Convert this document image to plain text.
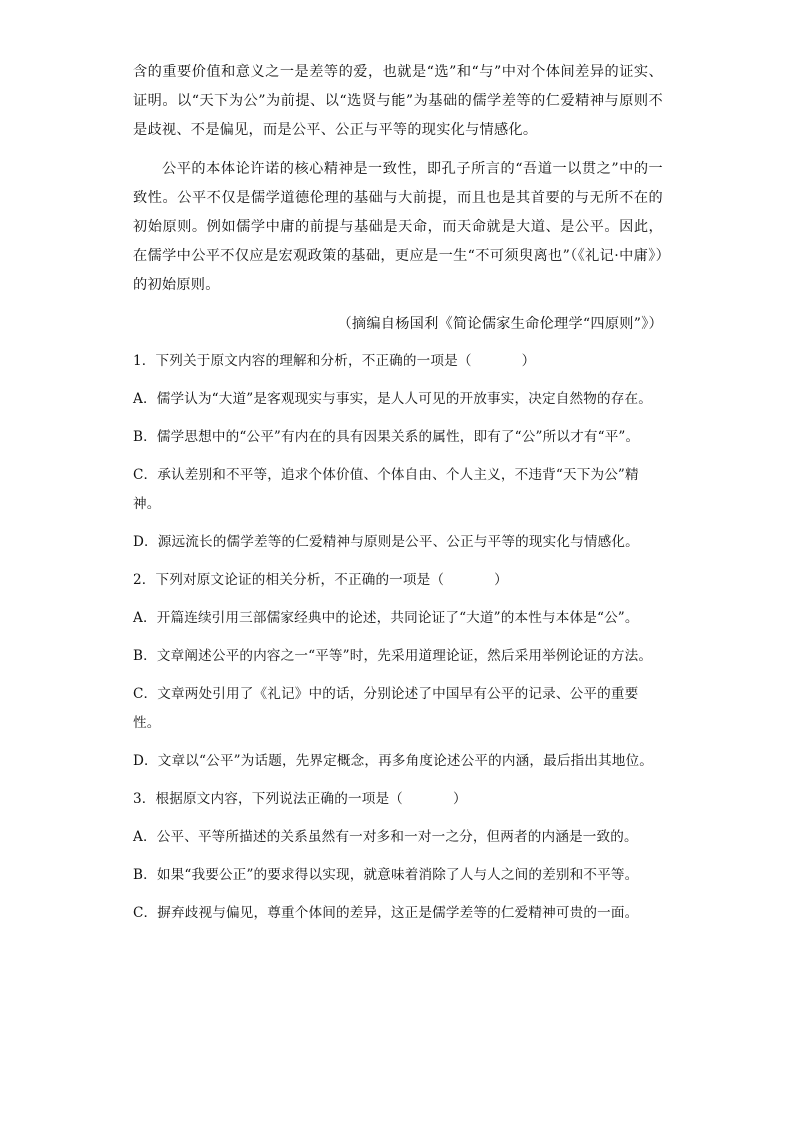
含的重要价值和意义之一是差等的爱，也就是“选”和“与”中对个体间差异的证实、证明。以“天下为公”为前提、以“选贤与能”为基础的儒学差等的仁爱精神与原则不是歧视、不是偏见，而是公平、公正与平等的现实化与情感化。

公平的本体论许诺的核心精神是一致性，即孔子所言的“吾道一以贯之”中的一致性。公平不仅是儒学道德伦理的基础与大前提，而且也是其首要的与无所不在的初始原则。例如儒学中庸的前提与基础是天命，而天命就是大道、是公平。因此，在儒学中公平不仅应是宏观政策的基础，更应是一生“不可须臾离也”（《礼记·中庸》）的初始原则。

（摘编自杨国利《简论儒家生命伦理学“四原则”》）

1．下列关于原文内容的理解和分析，不正确的一项是（	）

A．儒学认为“大道”是客观现实与事实，是人人可见的开放事实，决定自然物的存在。

B．儒学思想中的“公平”有内在的具有因果关系的属性，即有了“公”所以才有“平”。

C．承认差别和不平等，追求个体价值、个体自由、个人主义，不违背“天下为公”精神。

D．源远流长的儒学差等的仁爱精神与原则是公平、公正与平等的现实化与情感化。

2．下列对原文论证的相关分析，不正确的一项是（	）

A．开篇连续引用三部儒家经典中的论述，共同论证了“大道”的本性与本体是“公”。

B．文章阐述公平的内容之一“平等”时，先采用道理论证，然后采用举例论证的方法。

C．文章两处引用了《礼记》中的话，分别论述了中国早有公平的记录、公平的重要性。

D．文章以“公平”为话题，先界定概念，再多角度论述公平的内涵，最后指出其地位。

3．根据原文内容，下列说法正确的一项是（	）

A．公平、平等所描述的关系虽然有一对多和一对一之分，但两者的内涵是一致的。

B．如果“我要公正”的要求得以实现，就意味着消除了人与人之间的差别和不平等。

C．摒弃歧视与偏见，尊重个体间的差异，这正是儒学差等的仁爱精神可贵的一面。
